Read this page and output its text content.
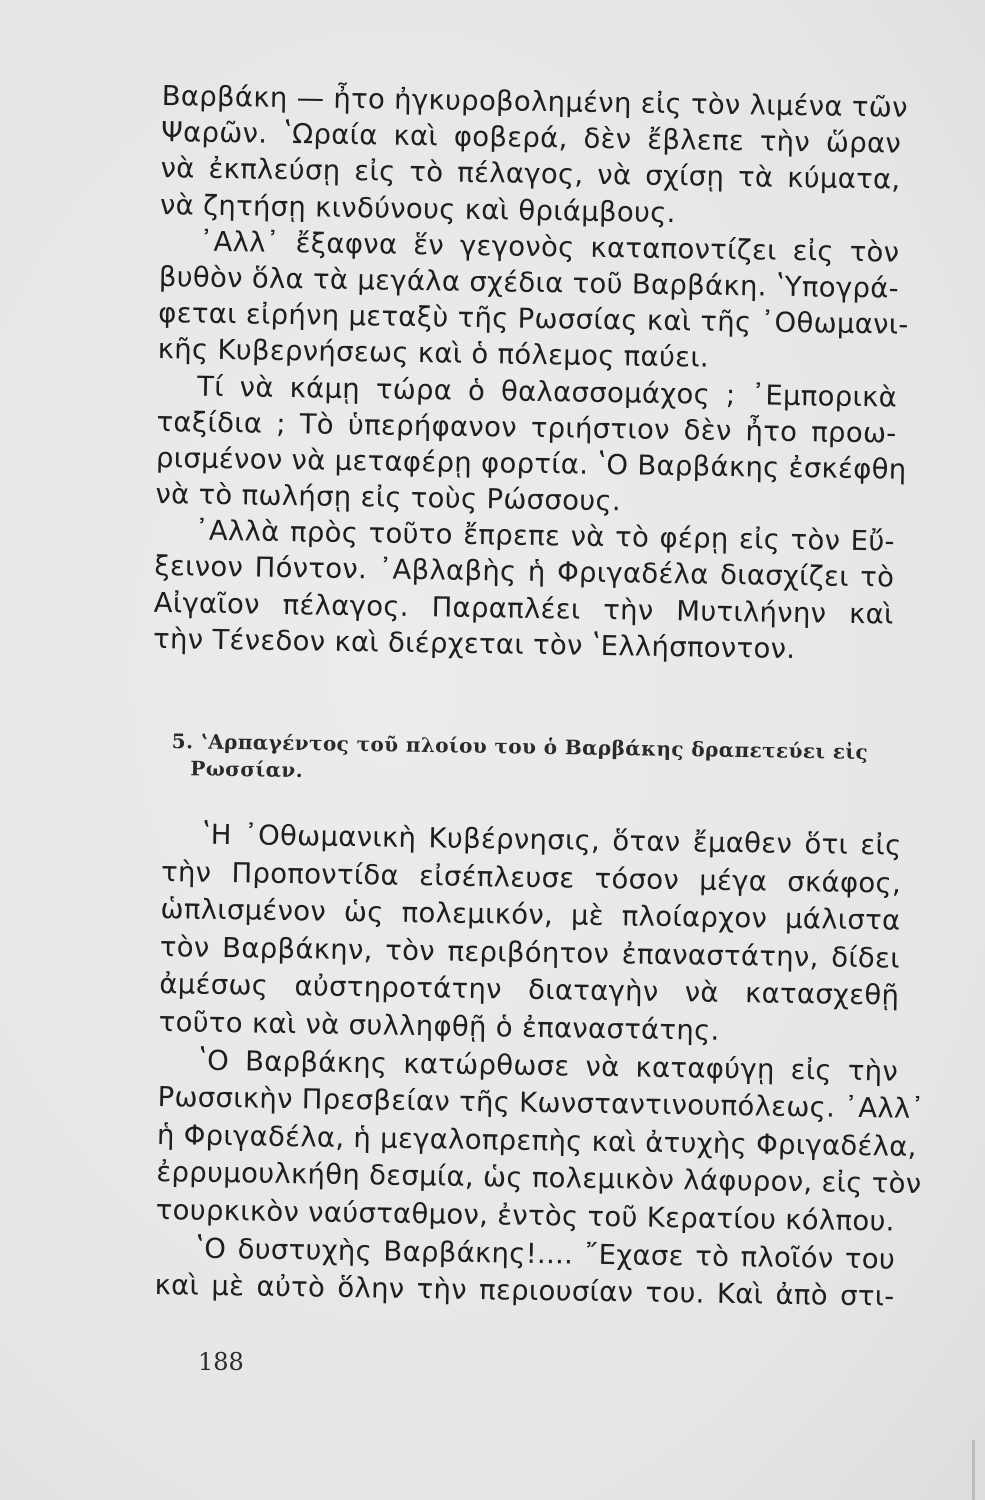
Βαρβάκη — ἦτο ἠγκυροβολημένη εἰς τὸν λιμένα τῶν
Ψαρῶν. ʽΩραία καὶ φοβερά, δὲν ἔβλεπε τὴν ὥραν
νὰ ἐκπλεύσῃ εἰς τὸ πέλαγος, νὰ σχίσῃ τὰ κύματα,
νὰ ζητήσῃ κινδύνους καὶ θριάμβους.
᾽Αλλ᾽ ἔξαφνα ἕν γεγονὸς καταποντίζει εἰς τὸν
βυθὸν ὅλα τὰ μεγάλα σχέδια τοῦ Βαρβάκη. ʽΥπογρά-
φεται εἰρήνη μεταξὺ τῆς Ρωσσίας καὶ τῆς ᾽Οθωμανι-
κῆς Κυβερνήσεως καὶ ὁ πόλεμος παύει.
Τί νὰ κάμῃ τώρα ὁ θαλασσομάχος ; ᾽Εμπορικὰ
ταξίδια ; Τὸ ὑπερήφανον τριήστιον δὲν ἦτο προω-
ρισμένον νὰ μεταφέρῃ φορτία. ʽΟ Βαρβάκης ἐσκέφθη
νὰ τὸ πωλήσῃ εἰς τοὺς Ρώσσους.
᾽Αλλὰ πρὸς τοῦτο ἔπρεπε νὰ τὸ φέρῃ εἰς τὸν Εὔ-
ξεινον Πόντον. ᾽Αβλαβὴς ἡ Φριγαδέλα διασχίζει τὸ
Αἰγαῖον πέλαγος. Παραπλέει τὴν Μυτιλήνην καὶ
τὴν Τένεδον καὶ διέρχεται τὸν ʽΕλλήσποντον.
5. ʽΑρπαγέντος τοῦ πλοίου του ὁ Βαρβάκης δραπετεύει εἰς
Ρωσσίαν.
ʽΗ ᾽Οθωμανικὴ Κυβέρνησις, ὅταν ἔμαθεν ὅτι εἰς
τὴν Προποντίδα εἰσέπλευσε τόσον μέγα σκάφος,
ὡπλισμένον ὡς πολεμικόν, μὲ πλοίαρχον μάλιστα
τὸν Βαρβάκην, τὸν περιβόητον ἐπαναστάτην, δίδει
ἀμέσως αὐστηροτάτην διαταγὴν νὰ κατασχεθῇ
τοῦτο καὶ νὰ συλληφθῇ ὁ ἐπαναστάτης.
ʽΟ Βαρβάκης κατώρθωσε νὰ καταφύγῃ εἰς τὴν
Ρωσσικὴν Πρεσβείαν τῆς Κωνσταντινουπόλεως. ᾽Αλλ᾽
ἡ Φριγαδέλα, ἡ μεγαλοπρεπὴς καὶ ἀτυχὴς Φριγαδέλα,
ἐρρυμουλκήθη δεσμία, ὡς πολεμικὸν λάφυρον, εἰς τὸν
τουρκικὸν ναύσταθμον, ἐντὸς τοῦ Κερατίου κόλπου.
ʽΟ δυστυχὴς Βαρβάκης!.... ῎Εχασε τὸ πλοῖόν του
καὶ μὲ αὐτὸ ὅλην τὴν περιουσίαν του. Καὶ ἀπὸ στι-
188
